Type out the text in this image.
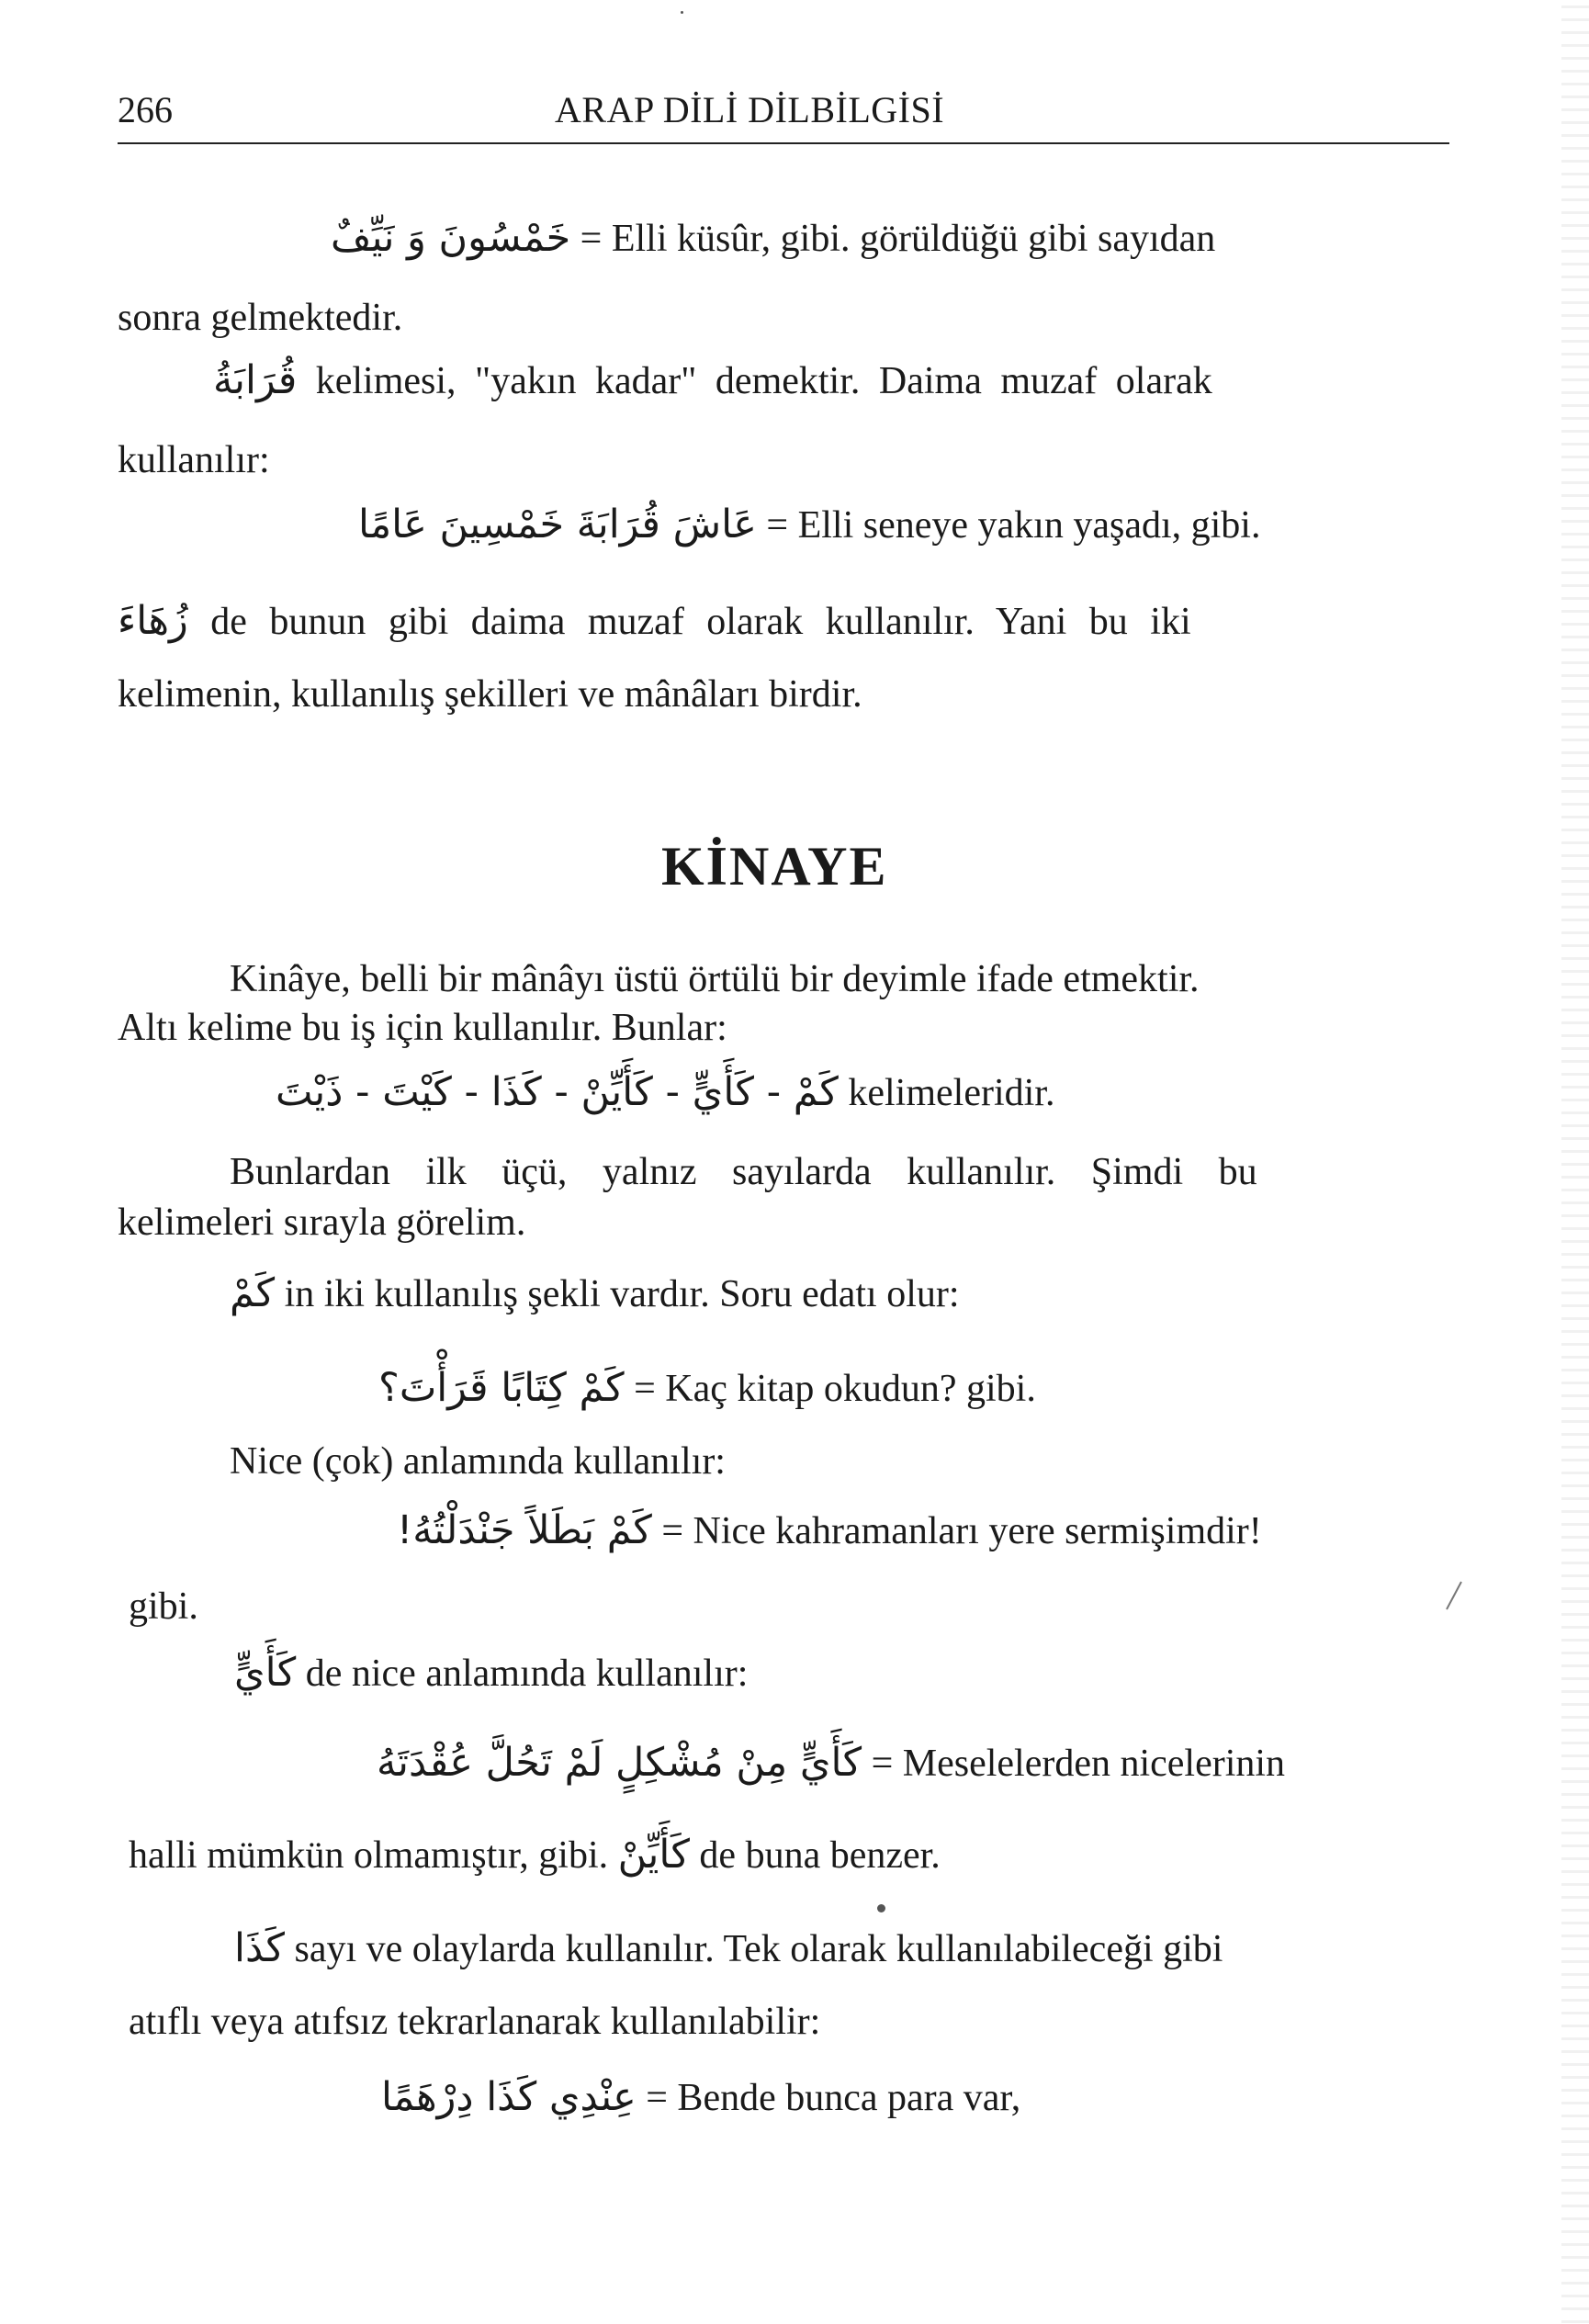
266	ARAP DİLİ DİLBİLGİSİ
خَمْسُونَ وَ نَيِّفٌ = Elli küsûr, gibi. görüldüğü gibi sayıdan
sonra gelmektedir.
قُرَابَةُ kelimesi, "yakın kadar" demektir. Daima muzaf olarak
kullanılır:
عَاشَ قُرَابَةَ خَمْسِينَ عَامًا = Elli seneye yakın yaşadı, gibi.
زُهَاءَ de bunun gibi daima muzaf olarak kullanılır. Yani bu iki
kelimenin, kullanılış şekilleri ve mânâları birdir.
KİNAYE
Kinâye, belli bir mânâyı üstü örtülü bir deyimle ifade etmektir.
Altı kelime bu iş için kullanılır. Bunlar:
كَمْ - كَأَيٍّ - كَأَيِّنْ - كَذَا - كَيْتَ - ذَيْتَ kelimeleridir.
Bunlardan ilk üçü, yalnız sayılarda kullanılır. Şimdi bu
kelimeleri sırayla görelim.
كَمْ in iki kullanılış şekli vardır. Soru edatı olur:
كَمْ كِتَابًا قَرَأْتَ؟ = Kaç kitap okudun? gibi.
Nice (çok) anlamında kullanılır:
كَمْ بَطَلاً جَنْدَلْتُهُ! = Nice kahramanları yere sermişimdir!
gibi.
كَأَيٍّ de nice anlamında kullanılır:
كَأَيٍّ مِنْ مُشْكِلٍ لَمْ تَحُلَّ عُقْدَتَهُ = Meselelerden nicelerinin
halli mümkün olmamıştır, gibi. كَأَيِّنْ de buna benzer.
كَذَا sayı ve olaylarda kullanılır. Tek olarak kullanılabileceği gibi
atıflı veya atıfsız tekrarlanarak kullanılabilir:
عِنْدِي كَذَا دِرْهَمًا = Bende bunca para var,
